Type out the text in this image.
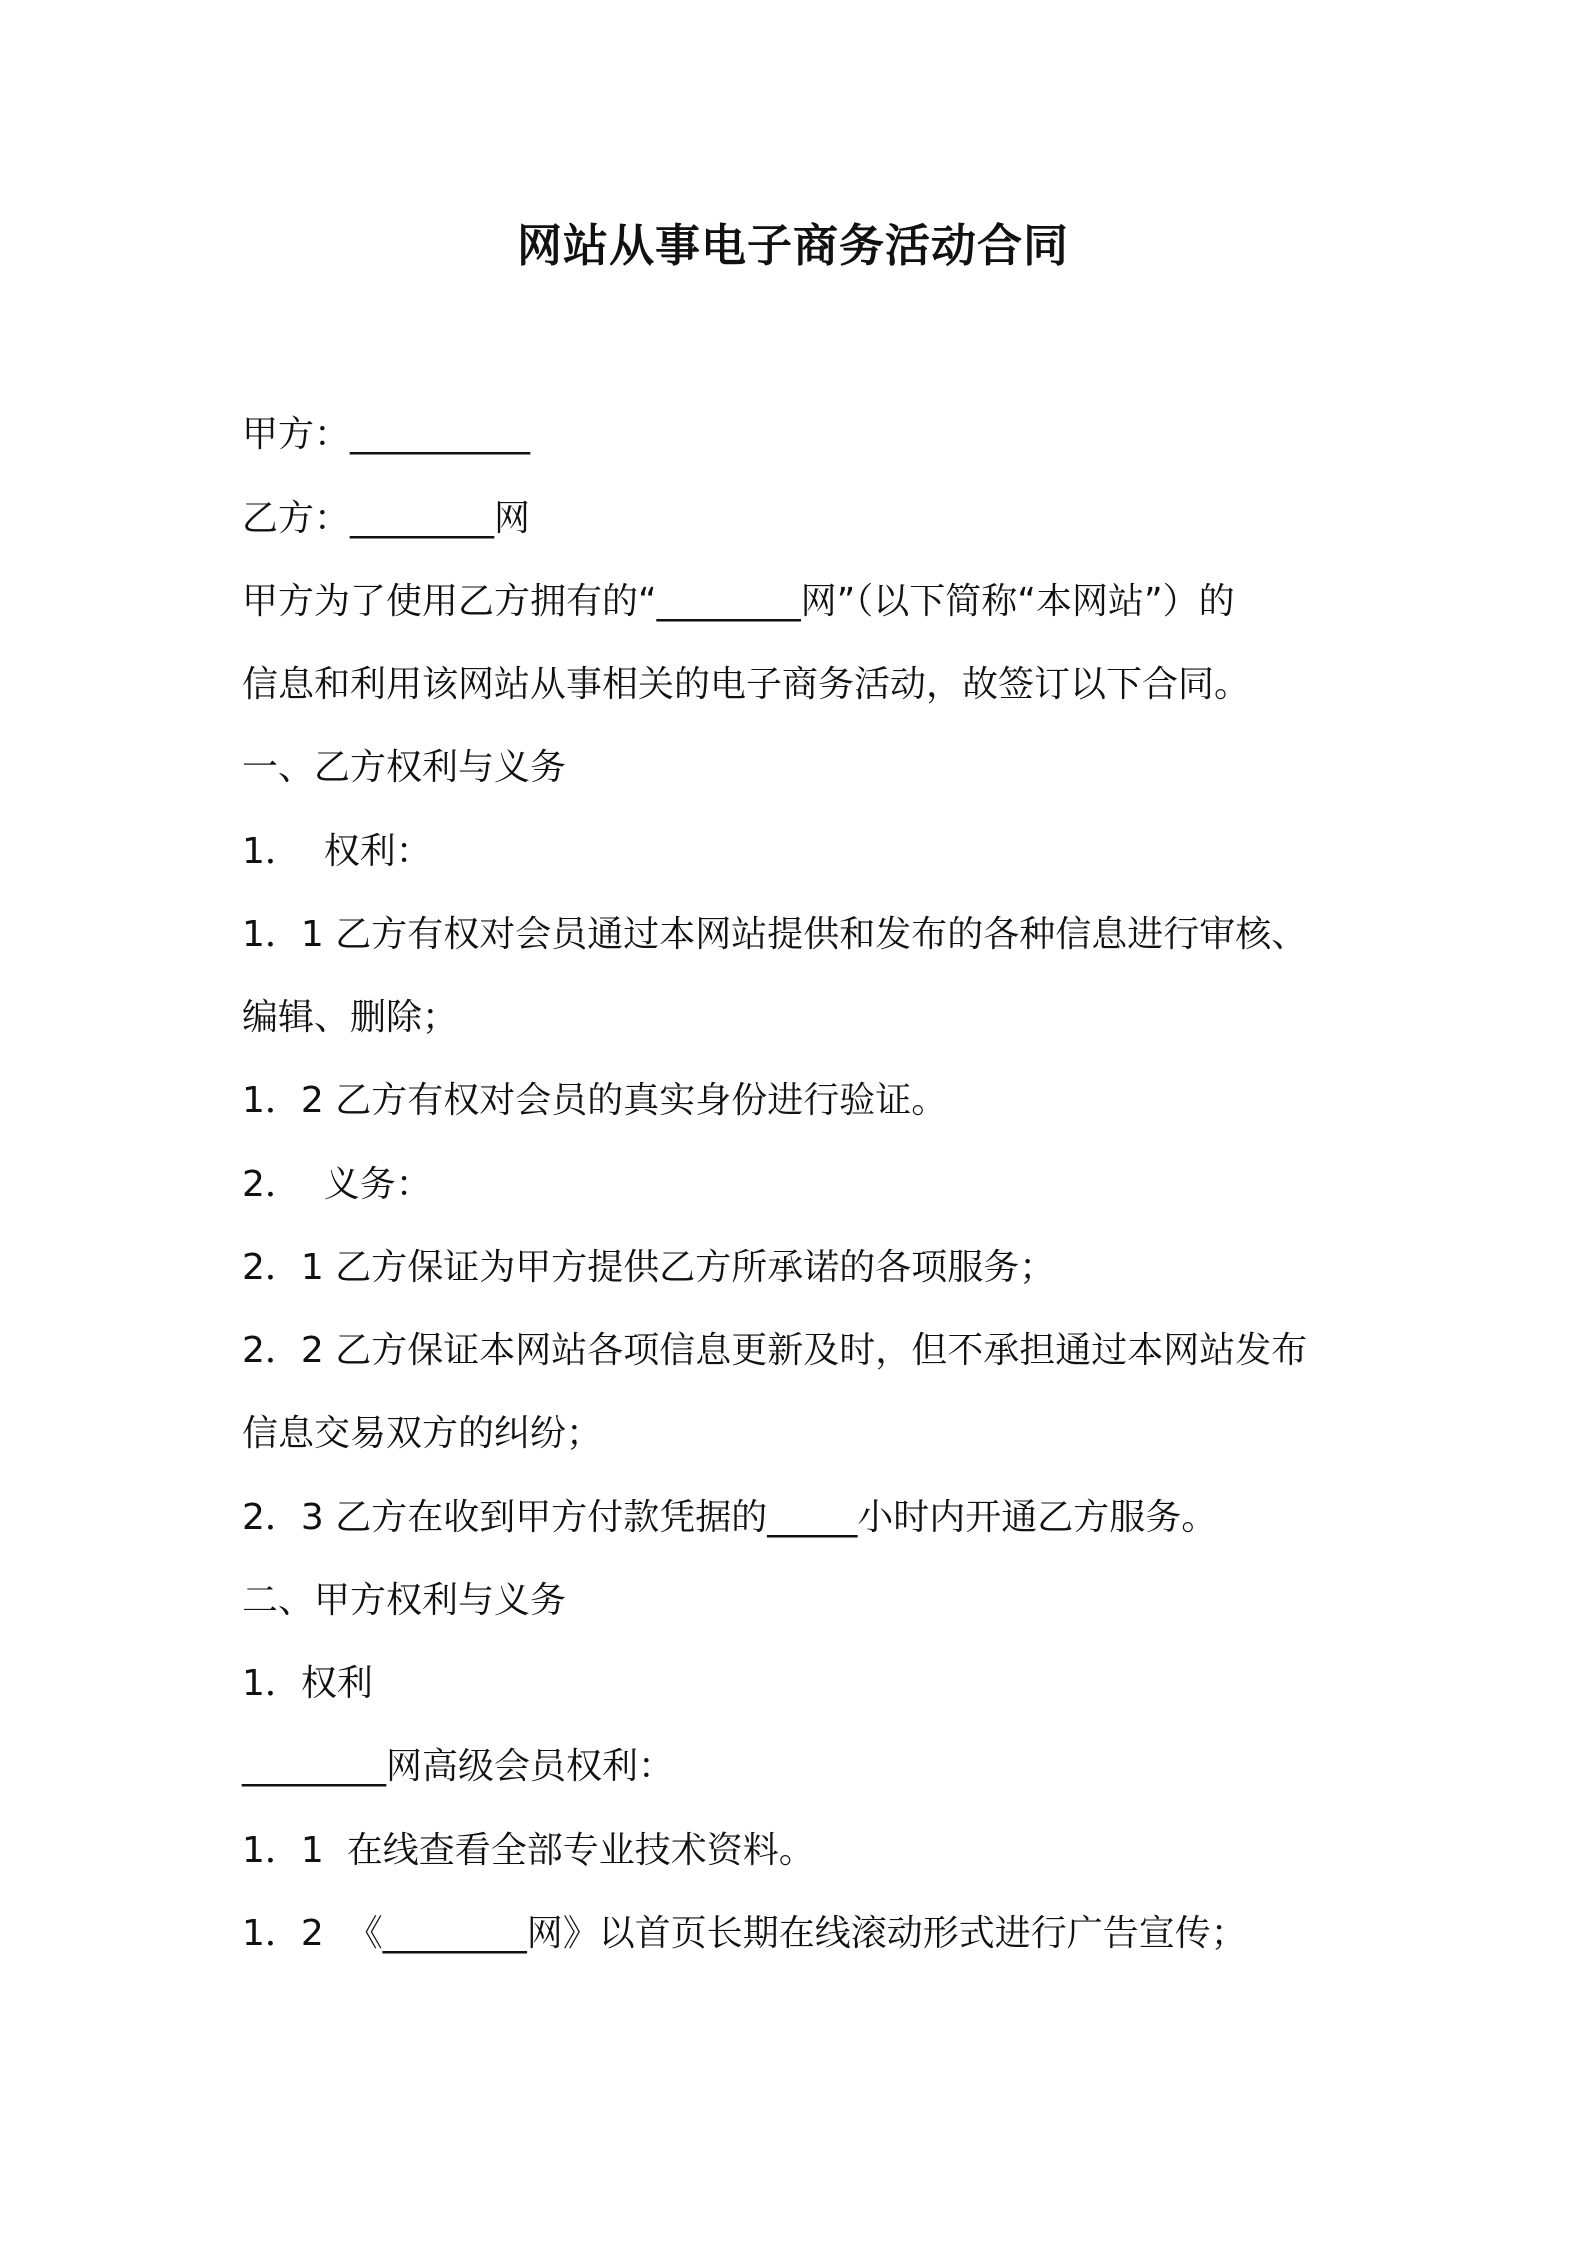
网站从事电子商务活动合同

甲方：__________

乙方：________网

甲方为了使用乙方拥有的“________网”（以下简称“本网站”）的

信息和利用该网站从事相关的电子商务活动，故签订以下合同。

一、乙方权利与义务

1．  权利：

1．1 乙方有权对会员通过本网站提供和发布的各种信息进行审核、

编辑、删除；

1．2 乙方有权对会员的真实身份进行验证。

2．  义务：

2．1 乙方保证为甲方提供乙方所承诺的各项服务；

2．2 乙方保证本网站各项信息更新及时，但不承担通过本网站发布

信息交易双方的纠纷；

2．3 乙方在收到甲方付款凭据的_____小时内开通乙方服务。

二、甲方权利与义务

1．权利

________网高级会员权利：

1．1  在线查看全部专业技术资料。

1．2  《________网》以首页长期在线滚动形式进行广告宣传；
